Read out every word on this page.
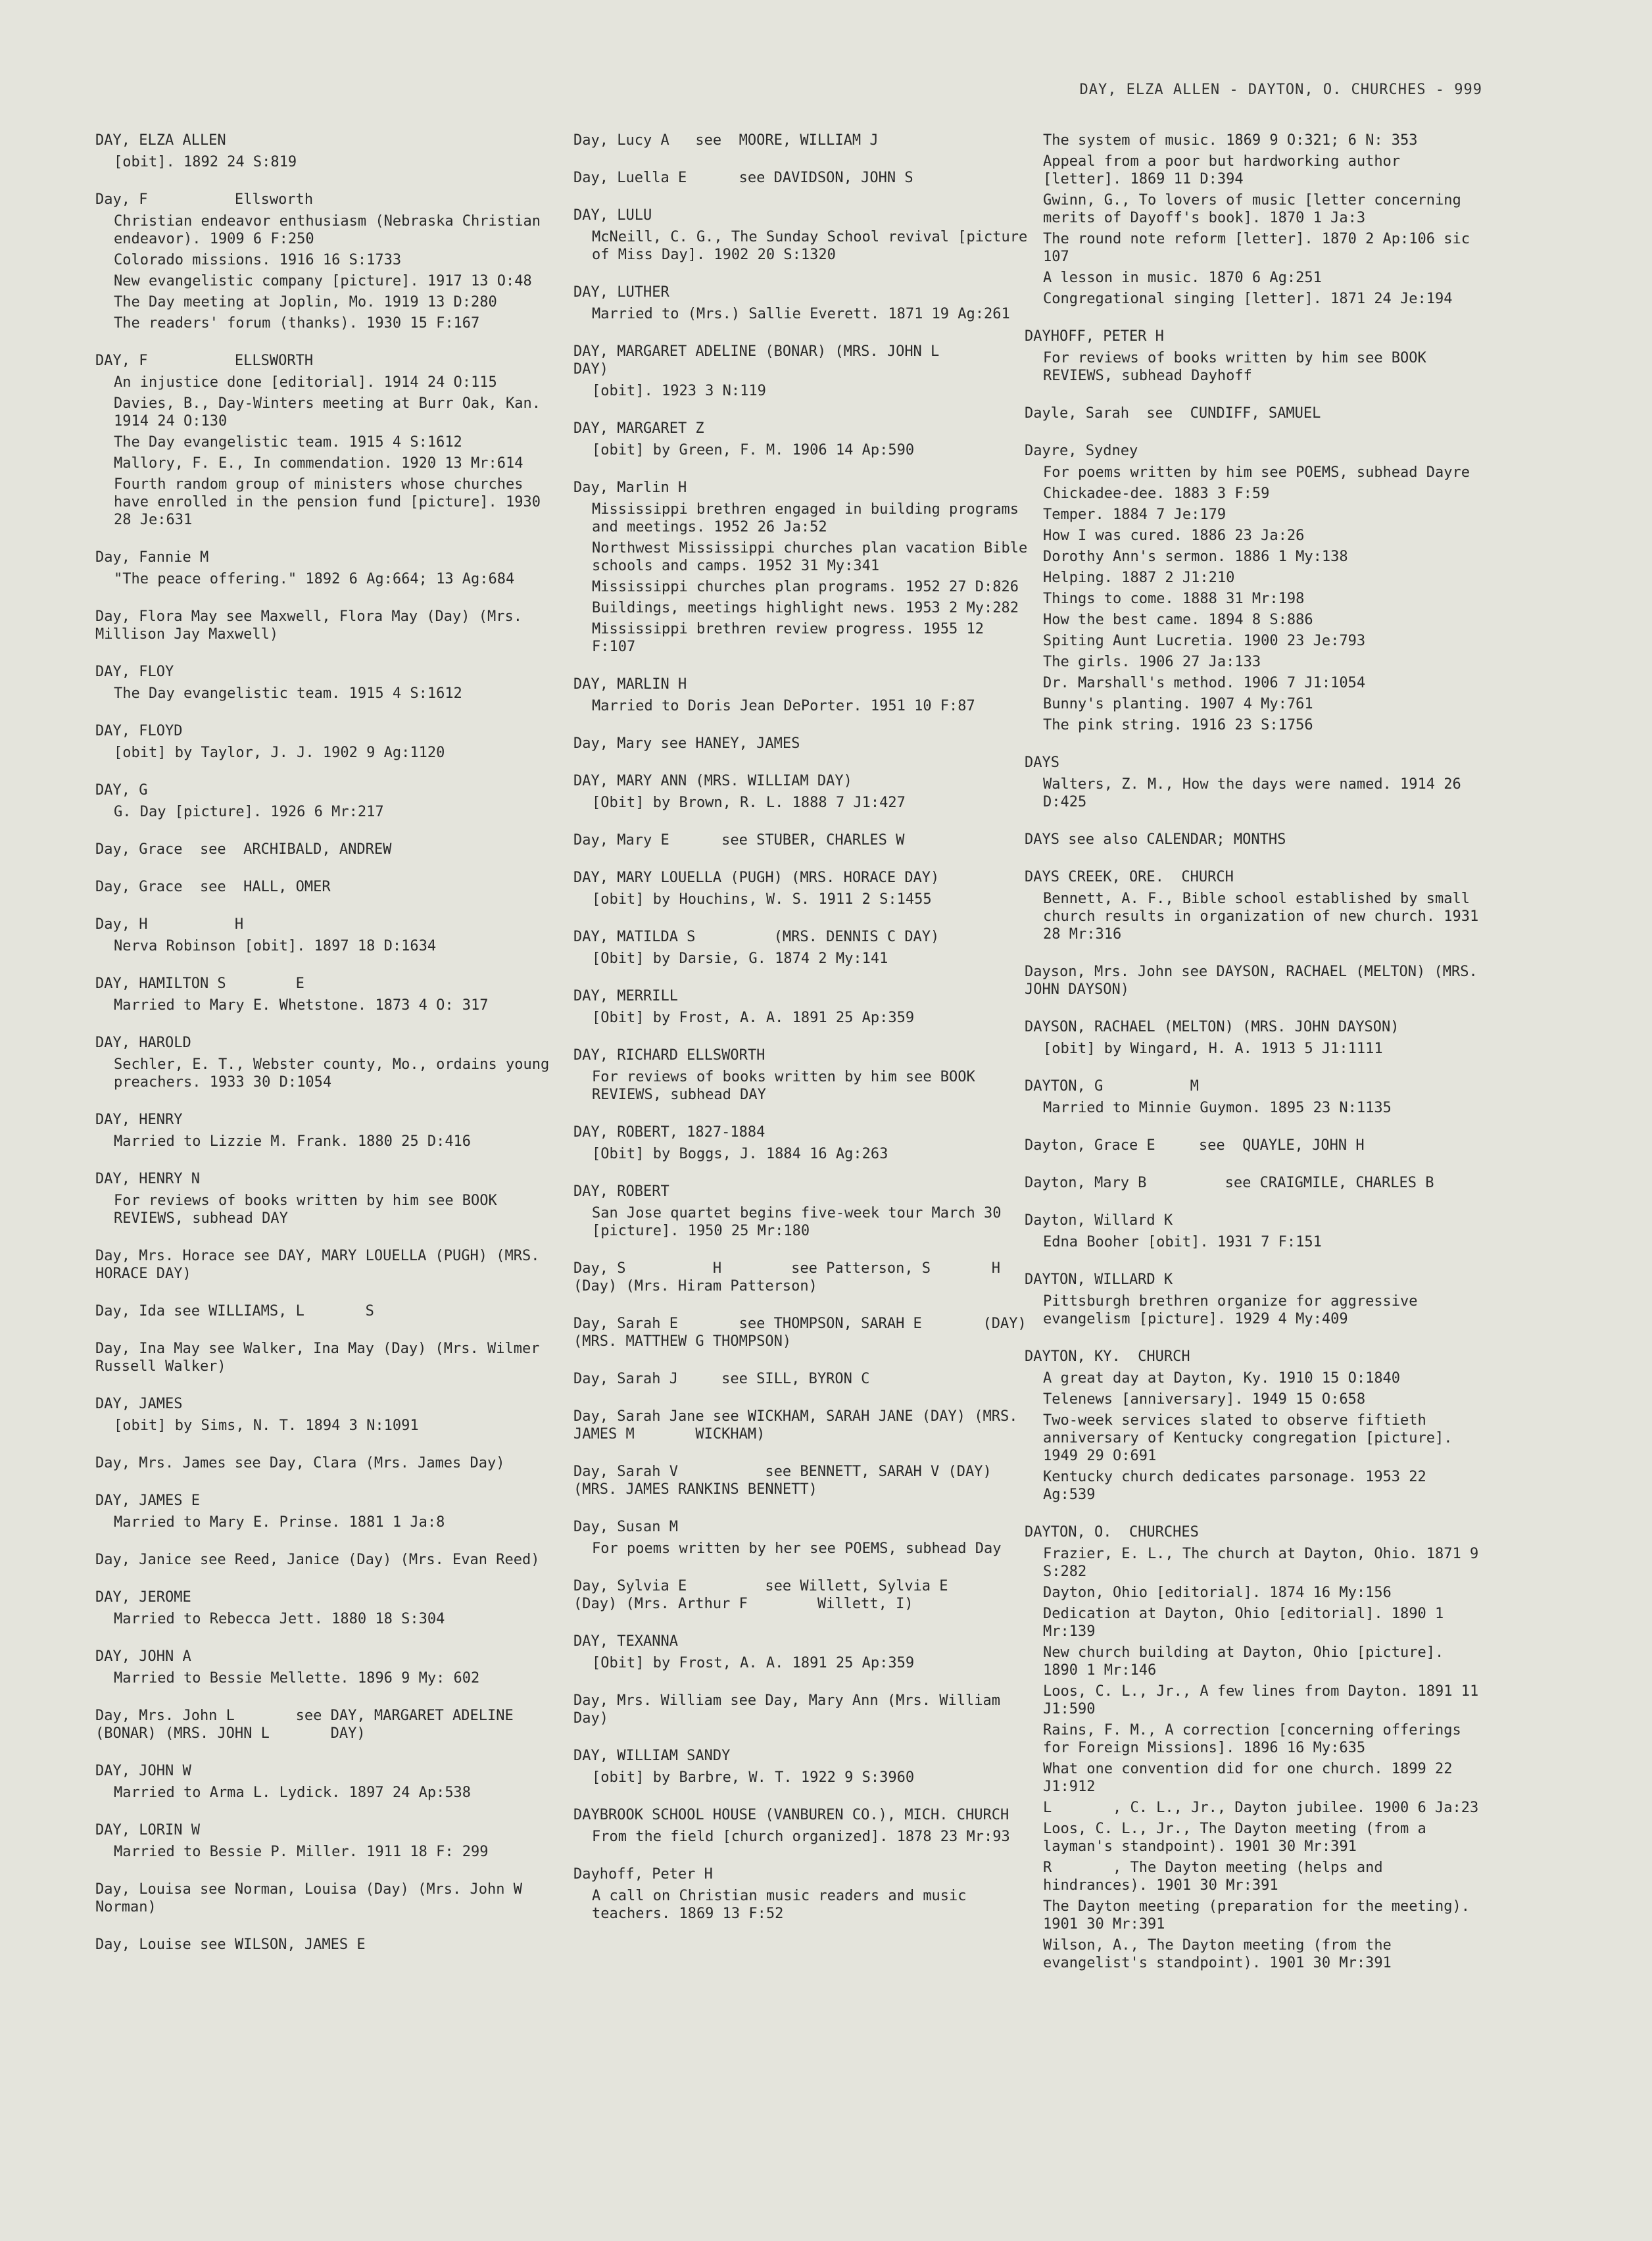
DAY, ELZA ALLEN - DAYTON, O. CHURCHES - 999
DAY, ELZA ALLEN
[obit]. 1892 24 S:819
Day, F          Ellsworth
Christian endeavor enthusiasm (Nebraska Christian endeavor). 1909 6 F:250
Colorado missions. 1916 16 S:1733
New evangelistic company [picture]. 1917 13 O:48
The Day meeting at Joplin, Mo. 1919 13 D:280
The readers' forum (thanks). 1930 15 F:167
DAY, F          ELLSWORTH
An injustice done [editorial]. 1914 24 O:115
Davies, B., Day-Winters meeting at Burr Oak, Kan. 1914 24 O:130
The Day evangelistic team. 1915 4 S:1612
Mallory, F. E., In commendation. 1920 13 Mr:614
Fourth random group of ministers whose churches have enrolled in the pension fund [picture]. 1930 28 Je:631
Day, Fannie M
"The peace offering." 1892 6 Ag:664; 13 Ag:684
Day, Flora May see Maxwell, Flora May (Day) (Mrs. Millison Jay Maxwell)
DAY, FLOY
The Day evangelistic team. 1915 4 S:1612
DAY, FLOYD
[obit] by Taylor, J. J. 1902 9 Ag:1120
DAY, G
G. Day [picture]. 1926 6 Mr:217
Day, Grace  see  ARCHIBALD, ANDREW
Day, Grace  see  HALL, OMER
Day, H          H
Nerva Robinson [obit]. 1897 18 D:1634
DAY, HAMILTON S        E
Married to Mary E. Whetstone. 1873 4 O: 317
DAY, HAROLD
Sechler, E. T., Webster county, Mo., ordains young preachers. 1933 30 D:1054
DAY, HENRY
Married to Lizzie M. Frank. 1880 25 D:416
DAY, HENRY N
For reviews of books written by him see BOOK REVIEWS, subhead DAY
Day, Mrs. Horace see DAY, MARY LOUELLA (PUGH) (MRS. HORACE DAY)
Day, Ida see WILLIAMS, L       S
Day, Ina May see Walker, Ina May (Day) (Mrs. Wilmer Russell Walker)
DAY, JAMES
[obit] by Sims, N. T. 1894 3 N:1091
Day, Mrs. James see Day, Clara (Mrs. James Day)
DAY, JAMES E
Married to Mary E. Prinse. 1881 1 Ja:8
Day, Janice see Reed, Janice (Day) (Mrs. Evan Reed)
DAY, JEROME
Married to Rebecca Jett. 1880 18 S:304
DAY, JOHN A
Married to Bessie Mellette. 1896 9 My: 602
Day, Mrs. John L       see DAY, MARGARET ADELINE (BONAR) (MRS. JOHN L       DAY)
DAY, JOHN W
Married to Arma L. Lydick. 1897 24 Ap:538
DAY, LORIN W
Married to Bessie P. Miller. 1911 18 F: 299
Day, Louisa see Norman, Louisa (Day) (Mrs. John W         Norman)
Day, Louise see WILSON, JAMES E
Day, Lucy A   see  MOORE, WILLIAM J
Day, Luella E      see DAVIDSON, JOHN S
DAY, LULU
McNeill, C. G., The Sunday School revival [picture of Miss Day]. 1902 20 S:1320
DAY, LUTHER
Married to (Mrs.) Sallie Everett. 1871 19 Ag:261
DAY, MARGARET ADELINE (BONAR) (MRS. JOHN L       DAY)
[obit]. 1923 3 N:119
DAY, MARGARET Z
[obit] by Green, F. M. 1906 14 Ap:590
Day, Marlin H
Mississippi brethren engaged in building programs and meetings. 1952 26 Ja:52
Northwest Mississippi churches plan vacation Bible schools and camps. 1952 31 My:341
Mississippi churches plan programs. 1952 27 D:826
Buildings, meetings highlight news. 1953 2 My:282
Mississippi brethren review progress. 1955 12 F:107
DAY, MARLIN H
Married to Doris Jean DePorter. 1951 10 F:87
Day, Mary see HANEY, JAMES
DAY, MARY ANN (MRS. WILLIAM DAY)
[Obit] by Brown, R. L. 1888 7 J1:427
Day, Mary E      see STUBER, CHARLES W
DAY, MARY LOUELLA (PUGH) (MRS. HORACE DAY)
[obit] by Houchins, W. S. 1911 2 S:1455
DAY, MATILDA S         (MRS. DENNIS C DAY)
[Obit] by Darsie, G. 1874 2 My:141
DAY, MERRILL
[Obit] by Frost, A. A. 1891 25 Ap:359
DAY, RICHARD ELLSWORTH
For reviews of books written by him see BOOK REVIEWS, subhead DAY
DAY, ROBERT, 1827-1884
[Obit] by Boggs, J. 1884 16 Ag:263
DAY, ROBERT
San Jose quartet begins five-week tour March 30 [picture]. 1950 25 Mr:180
Day, S          H        see Patterson, S       H       (Day) (Mrs. Hiram Patterson)
Day, Sarah E       see THOMPSON, SARAH E       (DAY) (MRS. MATTHEW G THOMPSON)
Day, Sarah J     see SILL, BYRON C
Day, Sarah Jane see WICKHAM, SARAH JANE (DAY) (MRS. JAMES M       WICKHAM)
Day, Sarah V          see BENNETT, SARAH V (DAY) (MRS. JAMES RANKINS BENNETT)
Day, Susan M
For poems written by her see POEMS, subhead Day
Day, Sylvia E         see Willett, Sylvia E       (Day) (Mrs. Arthur F        Willett, I)
DAY, TEXANNA
[Obit] by Frost, A. A. 1891 25 Ap:359
Day, Mrs. William see Day, Mary Ann (Mrs. William Day)
DAY, WILLIAM SANDY
[obit] by Barbre, W. T. 1922 9 S:3960
DAYBROOK SCHOOL HOUSE (VANBUREN CO.), MICH. CHURCH
From the field [church organized]. 1878 23 Mr:93
Dayhoff, Peter H
A call on Christian music readers and music teachers. 1869 13 F:52
The system of music. 1869 9 O:321; 6 N: 353
Appeal from a poor but hardworking author [letter]. 1869 11 D:394
Gwinn, G., To lovers of music [letter concerning merits of Dayoff's book]. 1870 1 Ja:3
The round note reform [letter]. 1870 2 Ap:106 sic 107
A lesson in music. 1870 6 Ag:251
Congregational singing [letter]. 1871 24 Je:194
DAYHOFF, PETER H
For reviews of books written by him see BOOK REVIEWS, subhead Dayhoff
Dayle, Sarah  see  CUNDIFF, SAMUEL
Dayre, Sydney
For poems written by him see POEMS, subhead Dayre
Chickadee-dee. 1883 3 F:59
Temper. 1884 7 Je:179
How I was cured. 1886 23 Ja:26
Dorothy Ann's sermon. 1886 1 My:138
Helping. 1887 2 J1:210
Things to come. 1888 31 Mr:198
How the best came. 1894 8 S:886
Spiting Aunt Lucretia. 1900 23 Je:793
The girls. 1906 27 Ja:133
Dr. Marshall's method. 1906 7 J1:1054
Bunny's planting. 1907 4 My:761
The pink string. 1916 23 S:1756
DAYS
Walters, Z. M., How the days were named. 1914 26 D:425
DAYS see also CALENDAR; MONTHS
DAYS CREEK, ORE.  CHURCH
Bennett, A. F., Bible school established by small church results in organization of new church. 1931 28 Mr:316
Dayson, Mrs. John see DAYSON, RACHAEL (MELTON) (MRS. JOHN DAYSON)
DAYSON, RACHAEL (MELTON) (MRS. JOHN DAYSON)
[obit] by Wingard, H. A. 1913 5 J1:1111
DAYTON, G          M
Married to Minnie Guymon. 1895 23 N:1135
Dayton, Grace E     see  QUAYLE, JOHN H
Dayton, Mary B         see CRAIGMILE, CHARLES B
Dayton, Willard K
Edna Booher [obit]. 1931 7 F:151
DAYTON, WILLARD K
Pittsburgh brethren organize for aggressive evangelism [picture]. 1929 4 My:409
DAYTON, KY.  CHURCH
A great day at Dayton, Ky. 1910 15 O:1840
Telenews [anniversary]. 1949 15 O:658
Two-week services slated to observe fiftieth anniversary of Kentucky congregation [picture]. 1949 29 O:691
Kentucky church dedicates parsonage. 1953 22 Ag:539
DAYTON, O.  CHURCHES
Frazier, E. L., The church at Dayton, Ohio. 1871 9 S:282
Dayton, Ohio [editorial]. 1874 16 My:156
Dedication at Dayton, Ohio [editorial]. 1890 1 Mr:139
New church building at Dayton, Ohio [picture]. 1890 1 Mr:146
Loos, C. L., Jr., A few lines from Dayton. 1891 11 J1:590
Rains, F. M., A correction [concerning offerings for Foreign Missions]. 1896 16 My:635
What one convention did for one church. 1899 22 J1:912
L       , C. L., Jr., Dayton jubilee. 1900 6 Ja:23
Loos, C. L., Jr., The Dayton meeting (from a layman's standpoint). 1901 30 Mr:391
R       , The Dayton meeting (helps and hindrances). 1901 30 Mr:391
The Dayton meeting (preparation for the meeting). 1901 30 Mr:391
Wilson, A., The Dayton meeting (from the evangelist's standpoint). 1901 30 Mr:391
